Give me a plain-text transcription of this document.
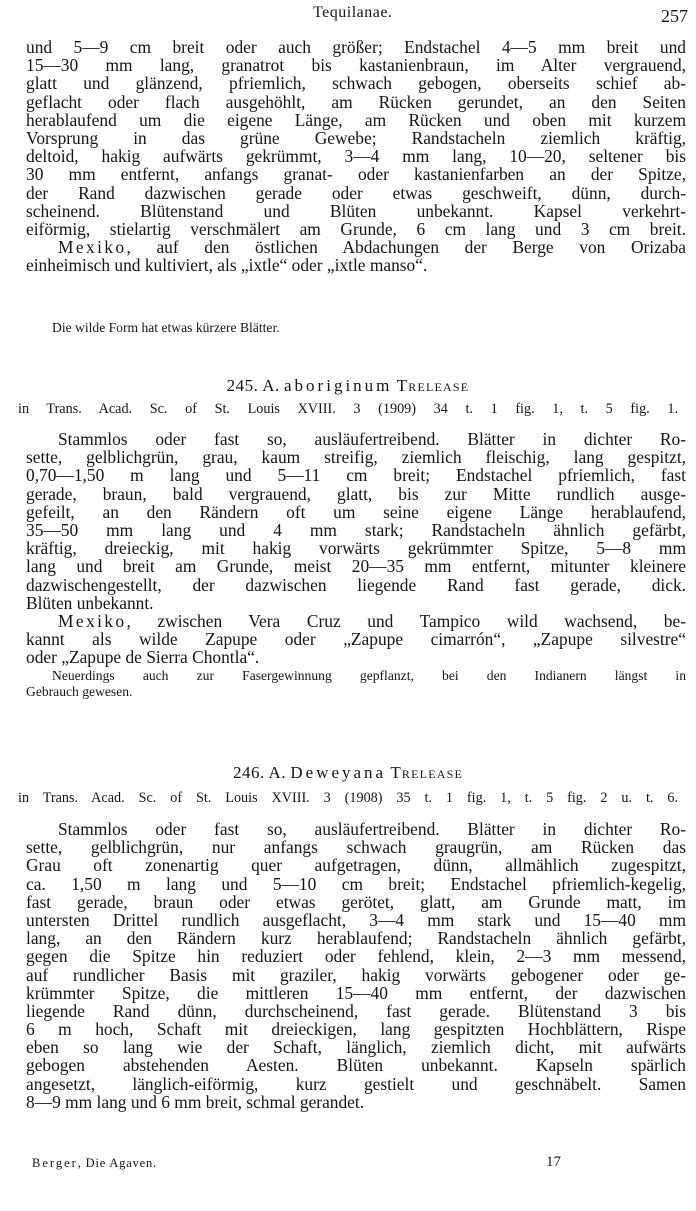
Tequilanae.	257
und 5—9 cm breit oder auch größer; Endstachel 4—5 mm breit und
15—30 mm lang, granatrot bis kastanienbraun, im Alter vergrauend,
glatt und glänzend, pfriemlich, schwach gebogen, oberseits schief ab-
geflacht oder flach ausgehöhlt, am Rücken gerundet, an den Seiten
herablaufend um die eigene Länge, am Rücken und oben mit kurzem
Vorsprung in das grüne Gewebe; Randstacheln ziemlich kräftig,
deltoid, hakig aufwärts gekrümmt, 3—4 mm lang, 10—20, seltener bis
30 mm entfernt, anfangs granat- oder kastanienfarben an der Spitze,
der Rand dazwischen gerade oder etwas geschweift, dünn, durch-
scheinend. Blütenstand und Blüten unbekannt. Kapsel verkehrt-
eiförmig, stielartig verschmälert am Grunde, 6 cm lang und 3 cm breit.
Mexiko, auf den östlichen Abdachungen der Berge von Orizaba
einheimisch und kultiviert, als „ixtle“ oder „ixtle manso“.
Die wilde Form hat etwas kürzere Blätter.
245. A. aboriginum Trelease
in Trans. Acad. Sc. of St. Louis XVIII. 3 (1909) 34 t. 1 fig. 1, t. 5 fig. 1.
Stammlos oder fast so, ausläufertreibend. Blätter in dichter Ro-
sette, gelblichgrün, grau, kaum streifig, ziemlich fleischig, lang gespitzt,
0,70—1,50 m lang und 5—11 cm breit; Endstachel pfriemlich, fast
gerade, braun, bald vergrauend, glatt, bis zur Mitte rundlich ausge-
gefeilt, an den Rändern oft um seine eigene Länge herablaufend,
35—50 mm lang und 4 mm stark; Randstacheln ähnlich gefärbt,
kräftig, dreieckig, mit hakig vorwärts gekrümmter Spitze, 5—8 mm
lang und breit am Grunde, meist 20—35 mm entfernt, mitunter kleinere
dazwischengestellt, der dazwischen liegende Rand fast gerade, dick.
Blüten unbekannt.
Mexiko, zwischen Vera Cruz und Tampico wild wachsend, be-
kannt als wilde Zapupe oder „Zapupe cimarrón“, „Zapupe silvestre“
oder „Zapupe de Sierra Chontla“.
Neuerdings auch zur Fasergewinnung gepflanzt, bei den Indianern längst in
Gebrauch gewesen.
246. A. Deweyana Trelease
in Trans. Acad. Sc. of St. Louis XVIII. 3 (1908) 35 t. 1 fig. 1, t. 5 fig. 2 u. t. 6.
Stammlos oder fast so, ausläufertreibend. Blätter in dichter Ro-
sette, gelblichgrün, nur anfangs schwach graugrün, am Rücken das
Grau oft zonenartig quer aufgetragen, dünn, allmählich zugespitzt,
ca. 1,50 m lang und 5—10 cm breit; Endstachel pfriemlich-kegelig,
fast gerade, braun oder etwas gerötet, glatt, am Grunde matt, im
untersten Drittel rundlich ausgeflacht, 3—4 mm stark und 15—40 mm
lang, an den Rändern kurz herablaufend; Randstacheln ähnlich gefärbt,
gegen die Spitze hin reduziert oder fehlend, klein, 2—3 mm messend,
auf rundlicher Basis mit graziler, hakig vorwärts gebogener oder ge-
krümmter Spitze, die mittleren 15—40 mm entfernt, der dazwischen
liegende Rand dünn, durchscheinend, fast gerade. Blütenstand 3 bis
6 m hoch, Schaft mit dreieckigen, lang gespitzten Hochblättern, Rispe
eben so lang wie der Schaft, länglich, ziemlich dicht, mit aufwärts
gebogen abstehenden Aesten. Blüten unbekannt. Kapseln spärlich
angesetzt, länglich-eiförmig, kurz gestielt und geschnäbelt. Samen
8—9 mm lang und 6 mm breit, schmal gerandet.
Berger, Die Agaven.	17
